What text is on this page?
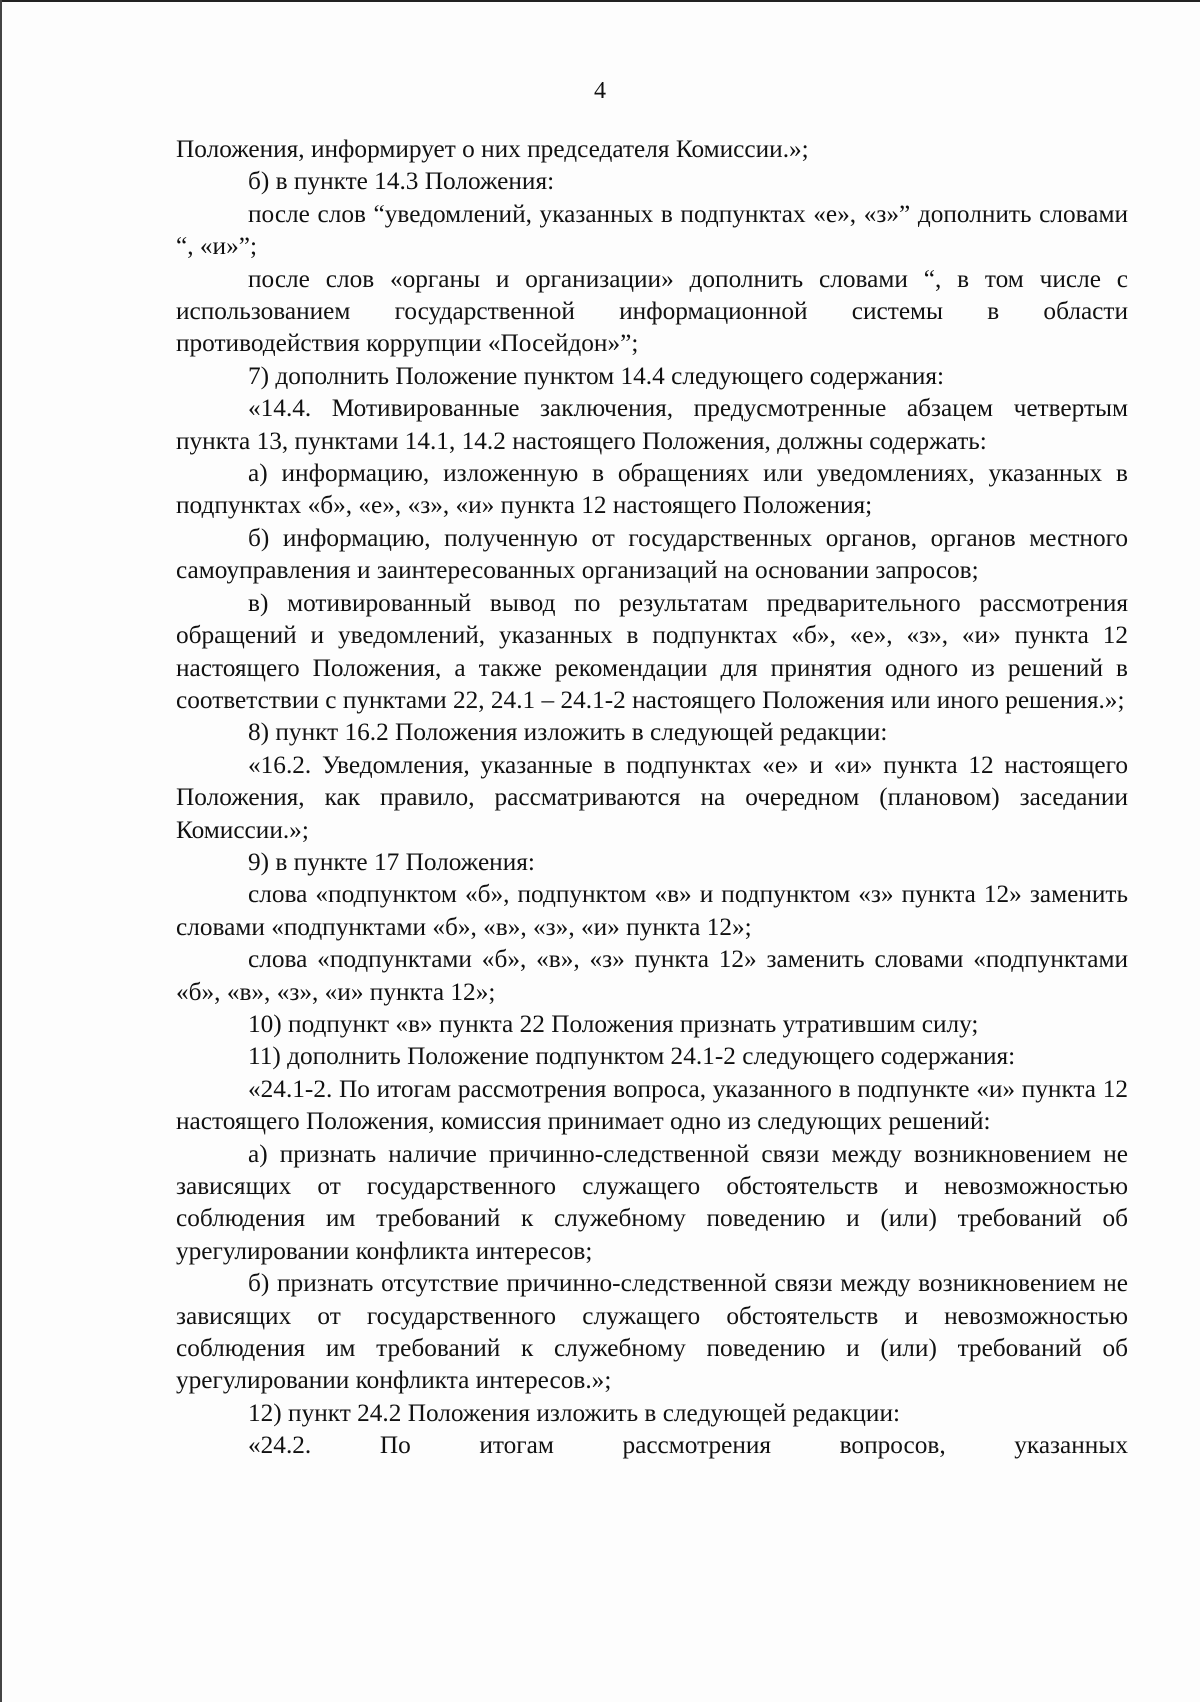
4

Положения, информирует о них председателя Комиссии.»;

б) в пункте 14.3 Положения:

после слов “уведомлений, указанных в подпунктах «е», «з»” дополнить словами “, «и»”;

после слов «органы и организации» дополнить словами “, в том числе с использованием государственной информационной системы в области противодействия коррупции «Посейдон»”;

7) дополнить Положение пунктом 14.4 следующего содержания:

«14.4. Мотивированные заключения, предусмотренные абзацем четвертым пункта 13, пунктами 14.1, 14.2 настоящего Положения, должны содержать:

а) информацию, изложенную в обращениях или уведомлениях, указанных в подпунктах «б», «е», «з», «и» пункта 12 настоящего Положения;

б) информацию, полученную от государственных органов, органов местного самоуправления и заинтересованных организаций на основании запросов;

в) мотивированный вывод по результатам предварительного рассмотрения обращений и уведомлений, указанных в подпунктах «б», «е», «з», «и» пункта 12 настоящего Положения, а также рекомендации для принятия одного из решений в соответствии с пунктами 22, 24.1 – 24.1-2 настоящего Положения или иного решения.»;

8) пункт 16.2 Положения изложить в следующей редакции:

«16.2. Уведомления, указанные в подпунктах «е» и «и» пункта 12 настоящего Положения, как правило, рассматриваются на очередном (плановом) заседании Комиссии.»;

9) в пункте 17 Положения:

слова «подпунктом «б», подпунктом «в» и подпунктом «з» пункта 12» заменить словами «подпунктами «б», «в», «з», «и» пункта 12»;

слова «подпунктами «б», «в», «з» пункта 12» заменить словами «подпунктами «б», «в», «з», «и» пункта 12»;

10) подпункт «в» пункта 22 Положения признать утратившим силу;

11) дополнить Положение подпунктом 24.1-2 следующего содержания:

«24.1-2. По итогам рассмотрения вопроса, указанного в подпункте «и» пункта 12 настоящего Положения, комиссия принимает одно из следующих решений:

а) признать наличие причинно-следственной связи между возникновением не зависящих от государственного служащего обстоятельств и невозможностью соблюдения им требований к служебному поведению и (или) требований об урегулировании конфликта интересов;

б) признать отсутствие причинно-следственной связи между возникновением не зависящих от государственного служащего обстоятельств и невозможностью соблюдения им требований к служебному поведению и (или) требований об урегулировании конфликта интересов.»;

12) пункт 24.2 Положения изложить в следующей редакции:

«24.2. По итогам рассмотрения вопросов, указанных
